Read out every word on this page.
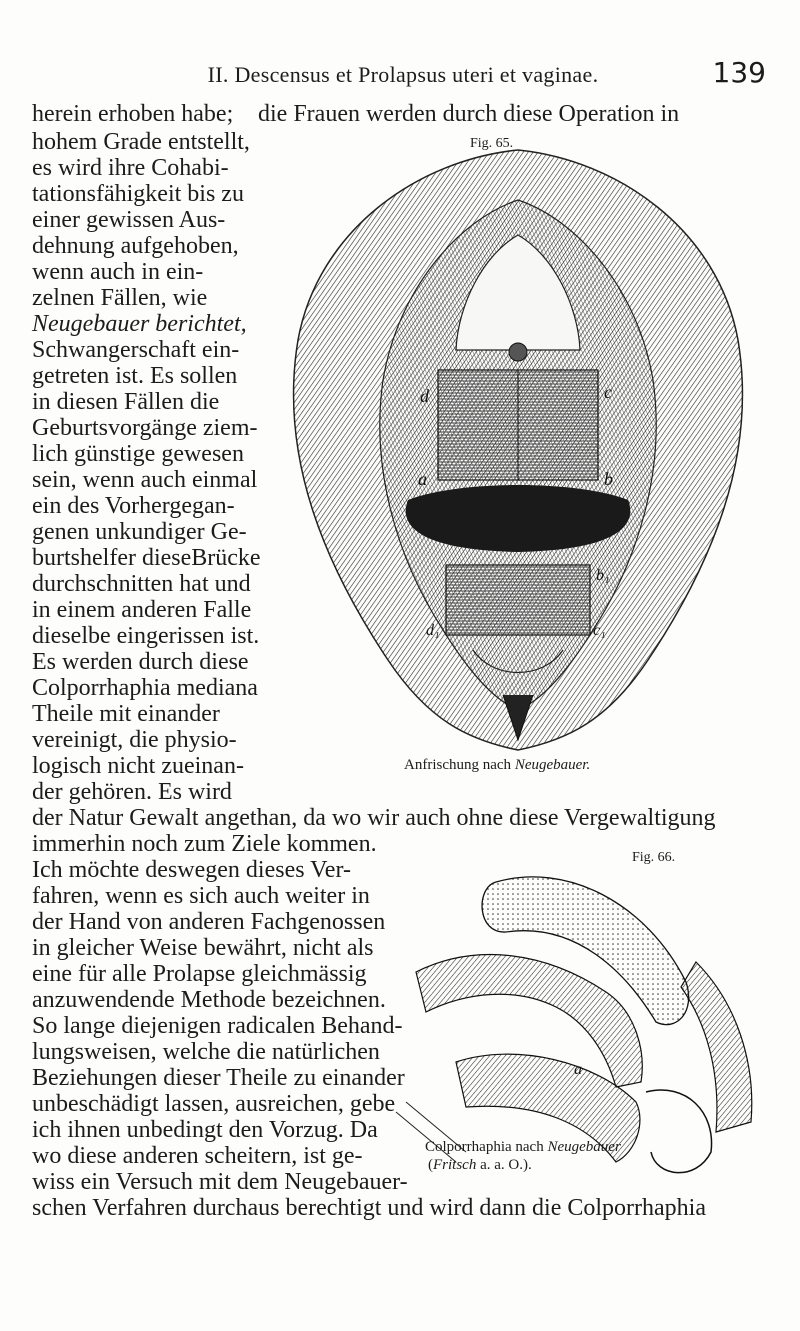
II. Descensus et Prolapsus uteri et vaginae.	139
herein erhoben habe;
hohem Grade entstellt,
es wird ihre Cohabi-
tationsfähigkeit bis zu
einer gewissen Aus-
dehnung aufgehoben,
wenn auch in ein-
zelnen Fällen, wie
Neugebauer berichtet,
Schwangerschaft ein-
getreten ist. Es sollen
in diesen Fällen die
Geburtsvorgänge ziem-
lich günstige gewesen
sein, wenn auch einmal
ein des Vorhergegan-
genen unkundiger Ge-
burtshelfer dieseBrücke
durchschnitten hat und
in einem anderen Falle
dieselbe eingerissen ist.
Es werden durch diese
Colporrhaphia mediana
Theile mit einander
vereinigt, die physio-
logisch nicht zueinan-
der gehören. Es wird
die Frauen werden durch diese Operation in
der Natur Gewalt angethan, da wo wir auch ohne diese Vergewaltigung
immerhin noch zum Ziele kommen.
Ich möchte deswegen dieses Ver-
fahren, wenn es sich auch weiter in
der Hand von anderen Fachgenossen
in gleicher Weise bewährt, nicht als
eine für alle Prolapse gleichmässig
anzuwendende Methode bezeichnen.
So lange diejenigen radicalen Behand-
lungsweisen, welche die natürlichen
Beziehungen dieser Theile zu einander
unbeschädigt lassen, ausreichen, gebe
ich ihnen unbedingt den Vorzug. Da
wo diese anderen scheitern, ist ge-
wiss ein Versuch mit dem Neugebauer-
schen Verfahren durchaus berechtigt und wird dann die Colporrhaphia
Fig. 65.
d	c
a	b
b₁
d₁	c₁
Anfrischung nach Neugebauer.
Fig. 66.
a
Colporrhaphia nach Neugebauer
(Fritsch a. a. O.).
